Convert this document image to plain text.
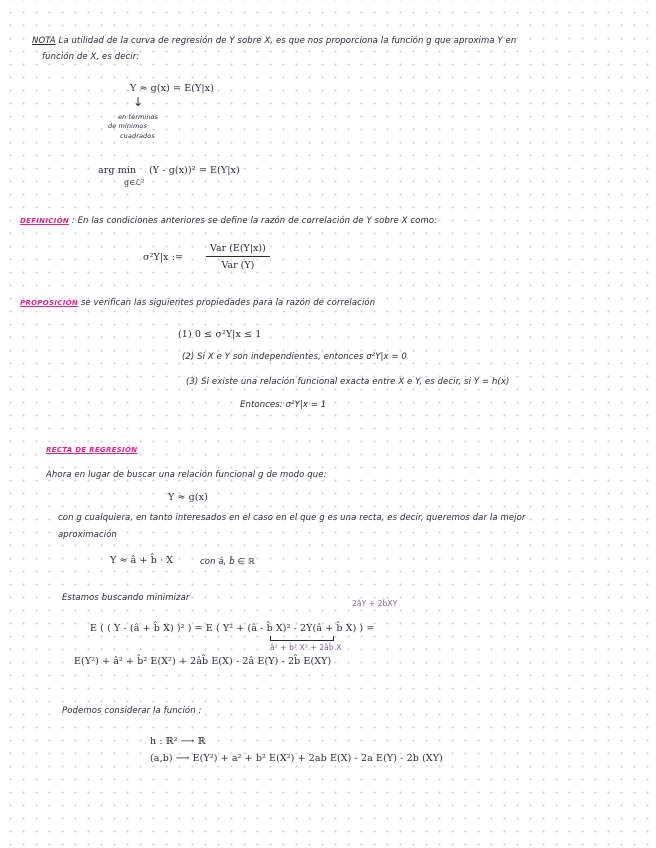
NOTA La utilidad de la curva de regresión de Y sobre X, es que nos proporciona la función g que aproxima Y en
función de X, es decir:
Y ≈ g(x) = E(Y|x)
↓
en términos
de mínimos
cuadrados
arg min
g∈ℒ²
(Y - g(x))² = E(Y|x)
DEFINICIÓN : En las condiciones anteriores se define la razón de correlación de Y sobre X como:
σ²Y|x :=
Var (E(Y|x))
Var (Y)
PROPOSICIÓN se verifican las siguientes propiedades para la razón de correlación
(1) 0 ≤ σ²Y|x ≤ 1
(2) Si X e Y son independientes, entonces σ²Y|x = 0
(3) Si existe una relación funcional exacta entre X e Y, es decir, si Y = h(x)
Entonces: σ²Y|x = 1
RECTA DE REGRESIÓN
Ahora en lugar de buscar una relación funcional g de modo que:
Y ≈ g(x)
con g cualquiera, en tanto interesados en el caso en el que g es una recta, es decir, queremos dar la mejor
aproximación
Y ≈ â + b̂ · X	con â, b̂ ∈ ℝ
Estamos buscando minimizar
2âY + 2b̂XY
E ( ( Y - (â + b̂ X) )² ) = E ( Y² + (â - b̂ X)² - 2Y(â + b̂ X) ) =
â² + b̂² X² + 2âb̂ X
E(Y²) + â² + b̂² E(X²) + 2âb̂ E(X) - 2â E(Y) - 2b̂ E(XY)
Podemos considerar la función :
h : ℝ² ⟶ ℝ
(a,b) ⟶ E(Y²) + a² + b² E(X²) + 2ab E(X) - 2a E(Y) - 2b (XY)
